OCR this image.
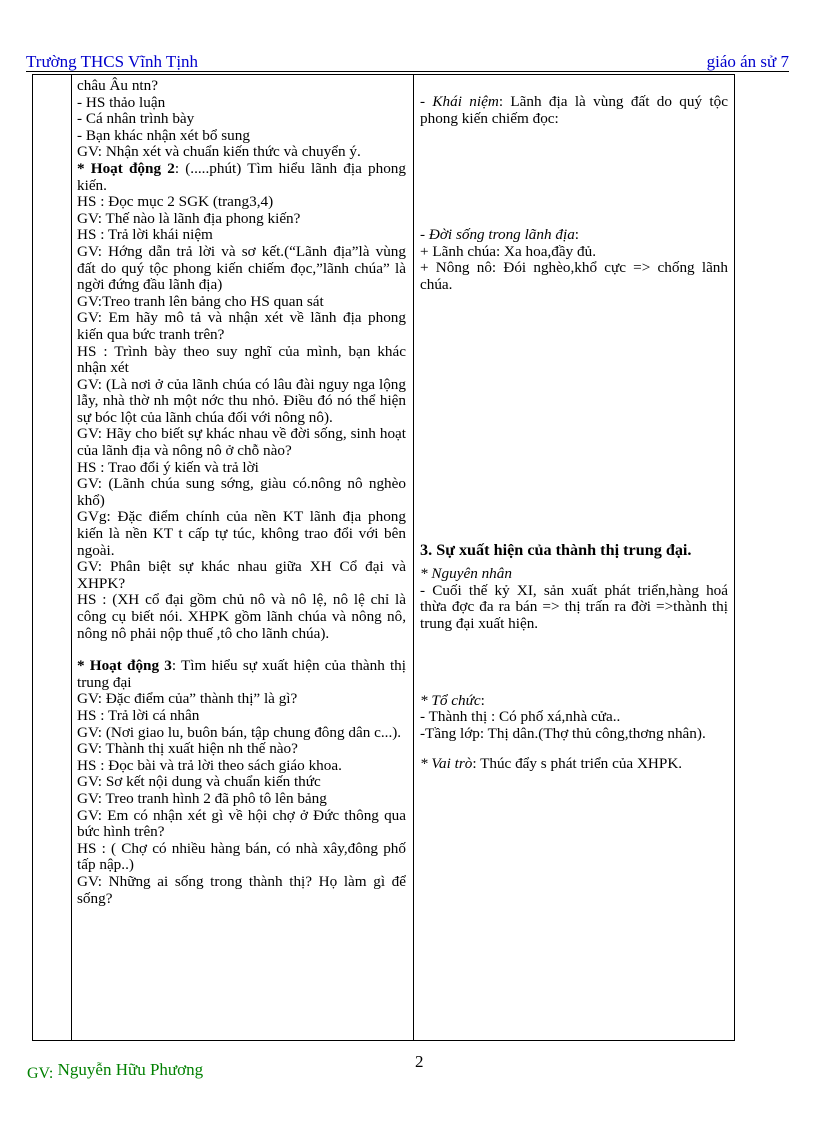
Trường THCS Vĩnh Tịnh	giáo án sử 7

châu Âu ntn?

- HS thảo luận

- Cá nhân trình bày

- Bạn khác nhận xét bổ sung

GV: Nhận xét và chuẩn kiến thức và chuyển ý.

* Hoạt động 2: (.....phút) Tìm hiểu lãnh địa phong kiến.

HS : Đọc mục 2 SGK (trang3,4)

GV: Thế nào là lãnh địa phong kiến?

HS : Trả lời khái niệm

GV: Hớng dẫn trả lời và sơ kết.(“Lãnh địa”là vùng đất do quý tộc phong kiến chiếm đọc,”lãnh chúa” là ngời đứng đầu lãnh địa)

GV:Treo tranh lên bảng cho HS quan sát

GV: Em hãy mô tả và nhận xét về lãnh địa phong kiến qua bức tranh trên?

HS : Trình bày theo suy nghĩ của mình, bạn khác nhận xét

GV: (Là nơi ở của lãnh chúa có lâu đài nguy nga lộng lẫy, nhà thờ nh một nớc thu nhỏ. Điều đó nó thể hiện sự bóc lột của lãnh chúa đối với nông nô).

GV: Hãy cho biết sự khác nhau về đời sống, sinh hoạt của lãnh địa và nông nô ở chỗ nào?

HS : Trao đổi ý kiến và trả lời

GV: (Lãnh chúa sung sớng, giàu có.nông nô nghèo khổ)

GVg: Đặc điểm chính của nền KT lãnh địa phong kiến là nền KT t cấp tự túc, không trao đổi với bên ngoài.

GV: Phân biệt sự khác nhau giữa XH Cổ đại và XHPK?

HS : (XH cổ đại gồm chủ nô và nô lệ, nô lệ chỉ là công cụ biết nói. XHPK gồm lãnh chúa và nông nô, nông nô phải nộp thuế ,tô cho lãnh chúa).

* Hoạt động 3: Tìm hiểu sự xuất hiện của thành thị trung đại

GV: Đặc điểm của” thành thị” là gì?

HS : Trả lời cá nhân

GV: (Nơi giao lu, buôn bán, tập chung đông dân c...).

GV: Thành thị xuất hiện nh thế nào?

HS : Đọc bài và trả lời theo sách giáo khoa.

GV: Sơ kết nội dung và chuẩn kiến thức

GV: Treo tranh hình 2 đã phô tô lên bảng

GV: Em có nhận xét gì về hội chợ ở Đức thông qua bức hình trên?

HS : ( Chợ có nhiều hàng bán, có nhà xây,đông phố tấp nập..)

GV: Những ai sống trong thành thị? Họ làm gì để sống?

- Khái niệm: Lãnh địa là vùng đất do quý tộc phong kiến chiếm đọc:

- Đời sống trong lãnh địa:

+ Lãnh chúa: Xa hoa,đầy đủ.

+ Nông nô: Đói nghèo,khổ cực => chống lãnh chúa.

3. Sự xuất hiện của thành thị trung đại.

* Nguyên nhân

- Cuối thế kỷ XI, sản xuất phát triển,hàng hoá thừa đợc đa ra bán => thị trấn ra đời =>thành thị trung đại xuất hiện.

* Tổ chức:

- Thành thị : Có phố xá,nhà cửa..

-Tầng lớp: Thị dân.(Thợ thủ công,thơng nhân).

* Vai trò: Thúc đẩy s phát triển của XHPK.

GV: Nguyễn Hữu Phương	2
